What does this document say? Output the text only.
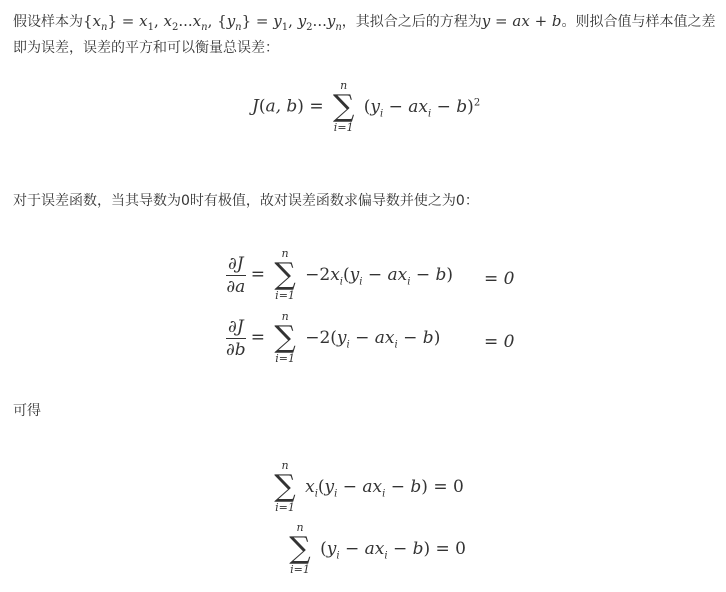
假设样本为$\{x_n\} = x_1$, $x_2...x_n$, $\{y_n\} = y_1$, $y_2...y_n$，其拟合之后的方程为y = ax + b。则拟合值与样本值之差即为误差，误差的平方和可以衡量总误差：
J(a, b) =
n
∑
i=1
$(y_i - ax_i - b)^2$
对于误差函数，当其导数为0时有极值，故对误差函数求偏导数并使之为0：
$\frac{\partial J}{\partial a}$ =
n
∑
i=1
$-2x_i(y_i - ax_i - b) = 0$
$\frac{\partial J}{\partial b}$ =
n
∑
i=1
$-2(y_i - ax_i - b)$	= 0
可得
n
∑
i=1
$x_i(y_i - ax_i - b) = 0$
n
∑
i=1
$(y_i - ax_i - b) = 0$
